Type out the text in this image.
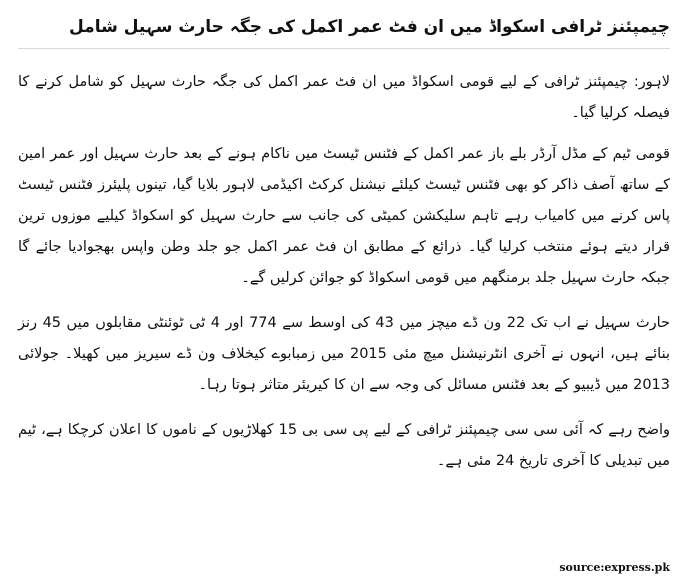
چیمپئنز ٹرافی اسکواڈ میں ان فٹ عمر اکمل کی جگہ حارث سہیل شامل

لاہور: چیمپئنز ٹرافی کے لیے قومی اسکواڈ میں ان فٹ عمر اکمل کی جگہ حارث سہیل کو شامل کرنے کا فیصلہ کرلیا گیا۔

قومی ٹیم کے مڈل آرڈر بلے باز عمر اکمل کے فٹنس ٹیسٹ میں ناکام ہونے کے بعد حارث سہیل اور عمر امین کے ساتھ آصف ذاکر کو بھی فٹنس ٹیسٹ کیلئے نیشنل کرکٹ اکیڈمی لاہور بلایا گیا، تینوں پلیئرز فٹنس ٹیسٹ پاس کرنے میں کامیاب رہے تاہم سلیکشن کمیٹی کی جانب سے حارث سہیل کو اسکواڈ کیلیے موزوں ترین قرار دیتے ہوئے منتخب کرلیا گیا۔ ذرائع کے مطابق ان فٹ عمر اکمل جو جلد وطن واپس بھجوادیا جائے گا جبکہ حارث سہیل جلد برمنگھم میں قومی اسکواڈ کو جوائن کرلیں گے۔

حارث سہیل نے اب تک 22 ون ڈے میچز میں 43 کی اوسط سے 774 اور 4 ٹی ٹوئنٹی مقابلوں میں 45 رنز بنائے ہیں، انہوں نے آخری انٹرنیشنل میچ مئی 2015 میں زمبابوے کیخلاف ون ڈے سیریز میں کھیلا۔ جولائی 2013 میں ڈیبیو کے بعد فٹنس مسائل کی وجہ سے ان کا کیریئر متاثر ہوتا رہا۔

واضح رہے کہ آئی سی سی چیمپئنز ٹرافی کے لیے پی سی بی 15 کھلاڑیوں کے ناموں کا اعلان کرچکا ہے، ٹیم میں تبدیلی کا آخری تاریخ 24 مئی ہے۔

source:express.pk
